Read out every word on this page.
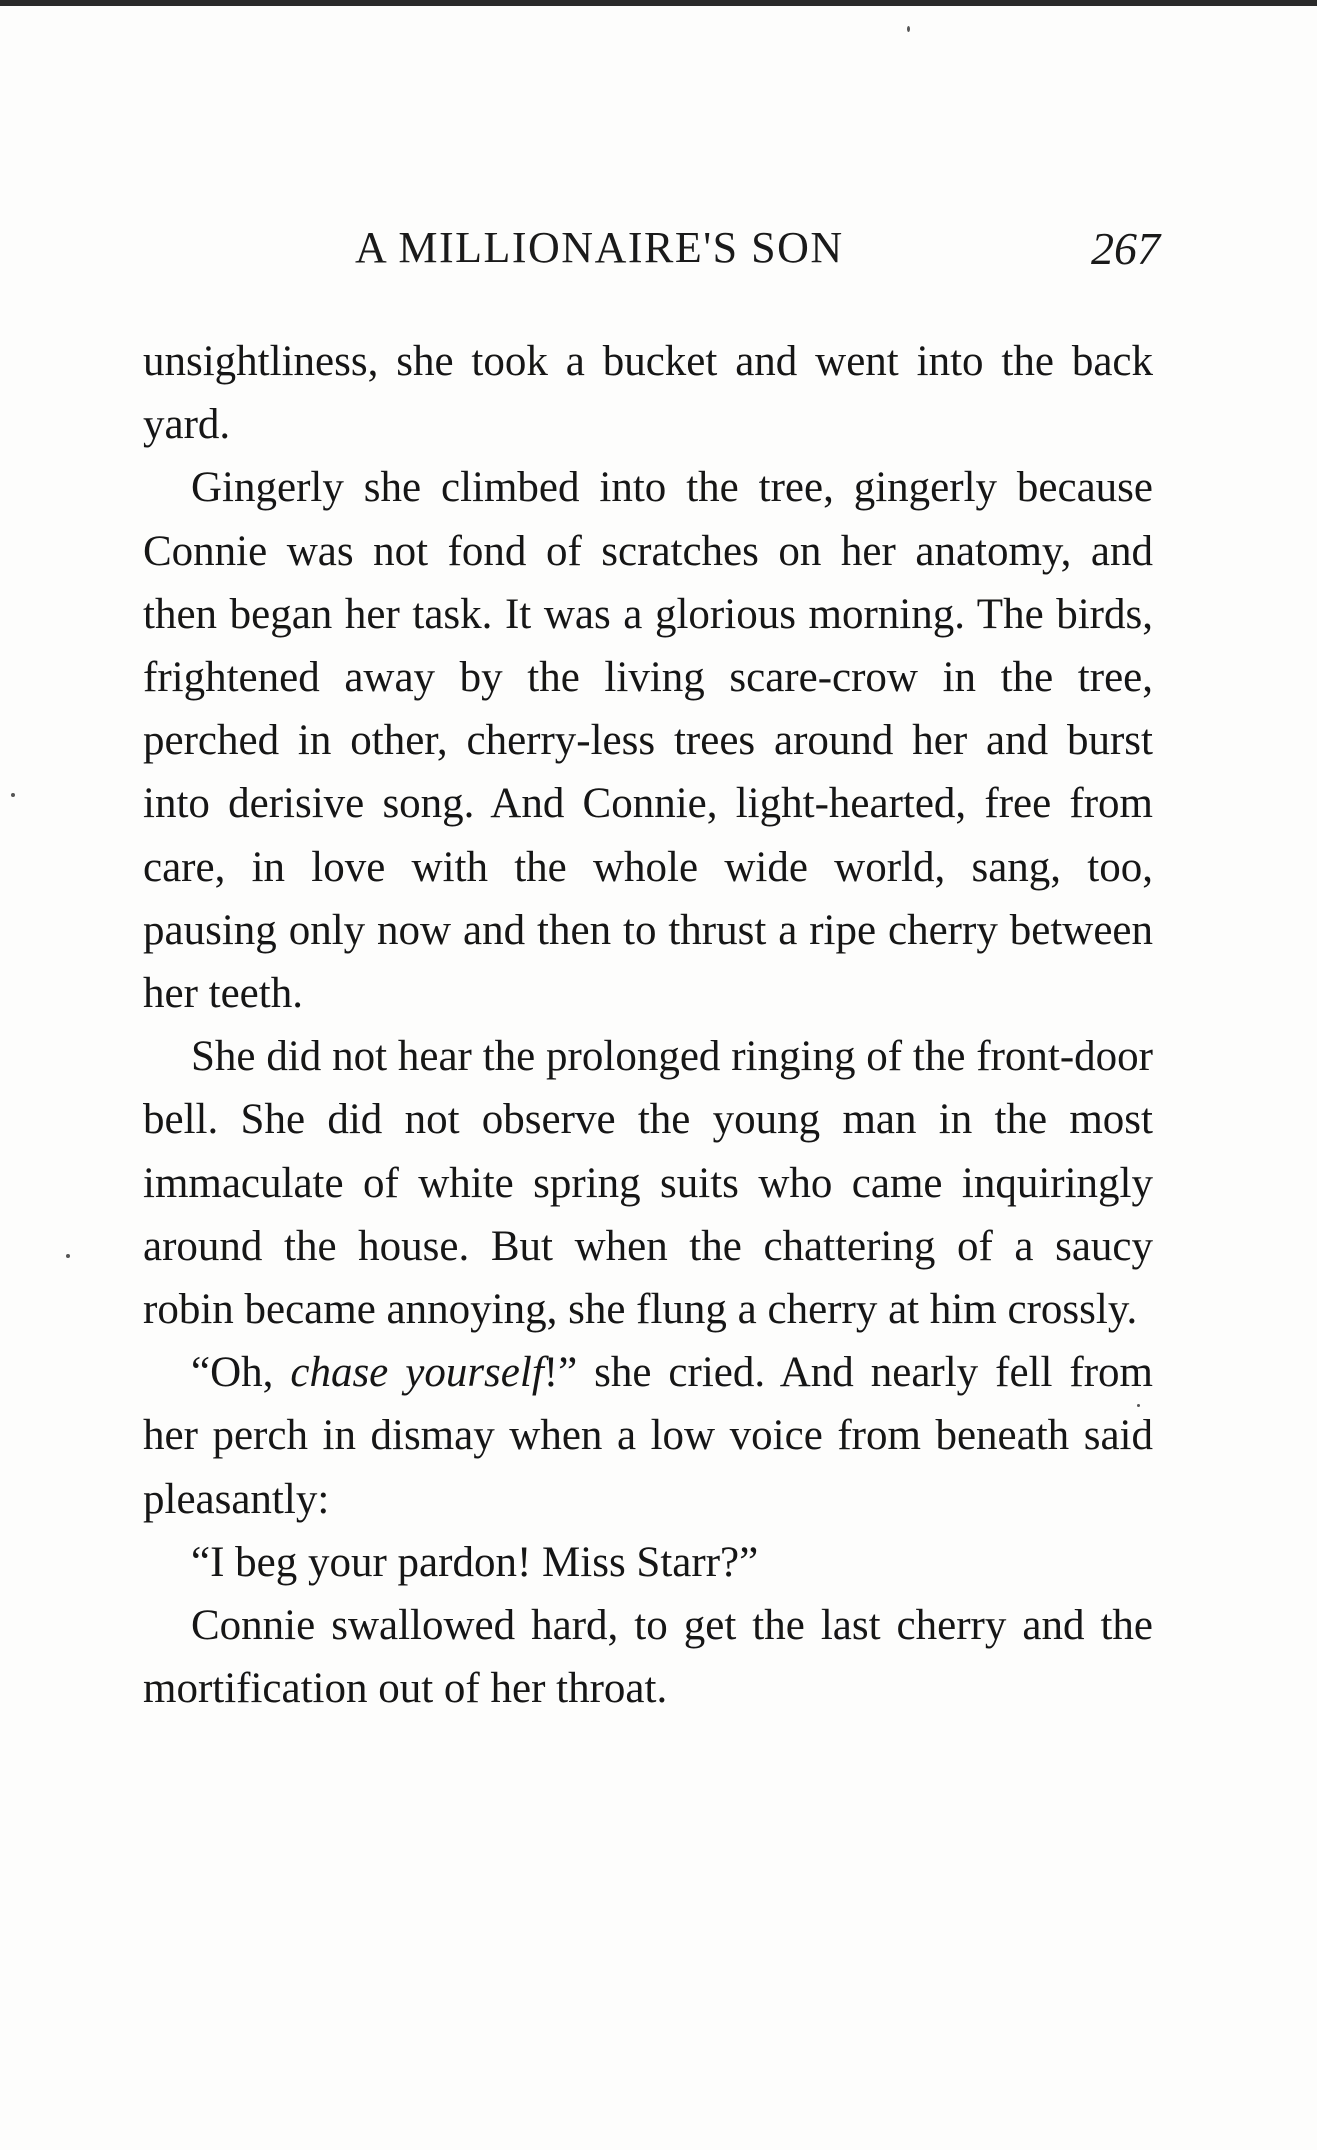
A MILLIONAIRE'S SON	267

unsightliness, she took a bucket and went into the back yard.

Gingerly she climbed into the tree, gingerly because Connie was not fond of scratches on her anatomy, and then began her task. It was a glorious morning. The birds, frightened away by the living scare-crow in the tree, perched in other, cherry-less trees around her and burst into derisive song. And Connie, light-hearted, free from care, in love with the whole wide world, sang, too, pausing only now and then to thrust a ripe cherry between her teeth.

She did not hear the prolonged ringing of the front-door bell. She did not observe the young man in the most immaculate of white spring suits who came inquiringly around the house. But when the chattering of a saucy robin became annoying, she flung a cherry at him crossly.

“Oh, chase yourself!” she cried. And nearly fell from her perch in dismay when a low voice from beneath said pleasantly:

“I beg your pardon! Miss Starr?”

Connie swallowed hard, to get the last cherry and the mortification out of her throat.
